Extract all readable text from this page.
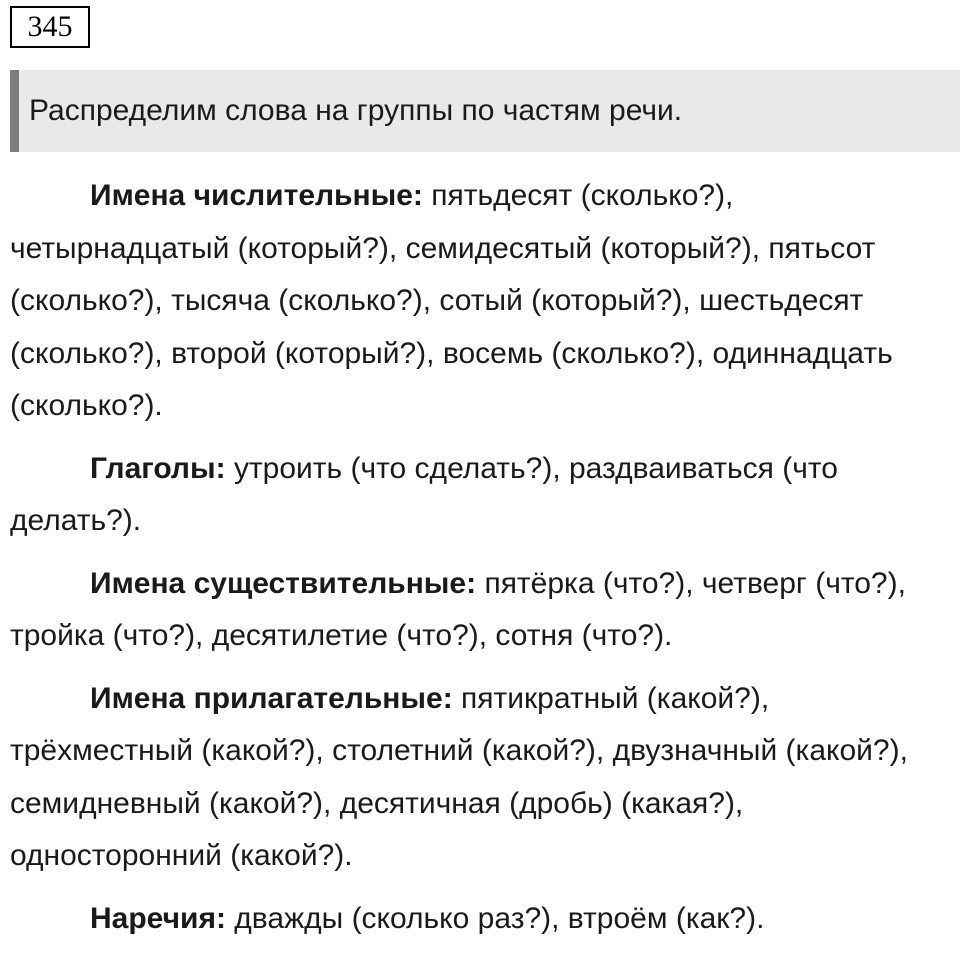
345
Распределим слова на группы по частям речи.

Имена числительные: пятьдесят (сколько?), четырнадцатый (который?), семидесятый (который?), пятьсот (сколько?), тысяча (сколько?), сотый (который?), шестьдесят (сколько?), второй (который?), восемь (сколько?), одиннадцать (сколько?).

Глаголы: утроить (что сделать?), раздваиваться (что делать?).

Имена существительные: пятёрка (что?), четверг (что?), тройка (что?), десятилетие (что?), сотня (что?).

Имена прилагательные: пятикратный (какой?), трёхместный (какой?), столетний (какой?), двузначный (какой?), семидневный (какой?), десятичная (дробь) (какая?), односторонний (какой?).

Наречия: дважды (сколько раз?), втроём (как?).
